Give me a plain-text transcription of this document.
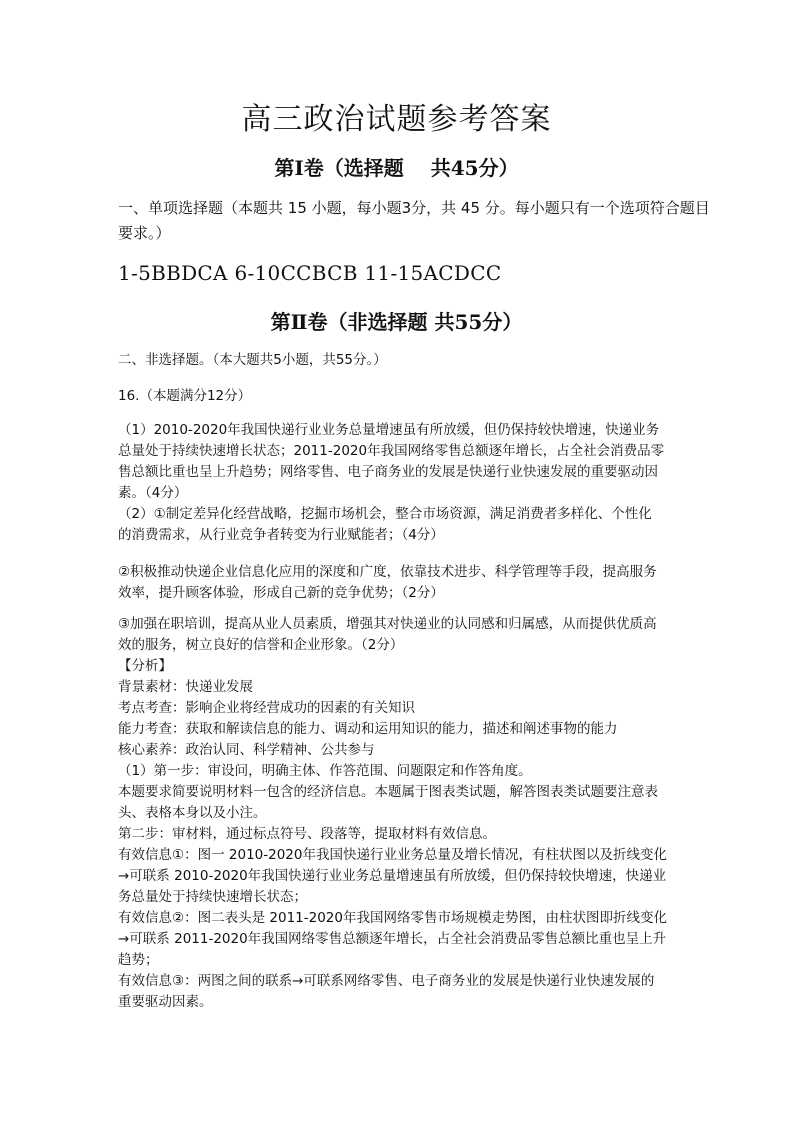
高三政治试题参考答案
第Ⅰ卷（选择题　 共45分）
一、单项选择题（本题共 15 小题，每小题3分，共 45 分。每小题只有一个选项符合题目要求。）
1-5BBDCA 6-10CCBCB 11-15ACDCC
第Ⅱ卷（非选择题 共55分）
二、非选择题。（本大题共5小题，共55分。）
16.（本题满分12分）
（1）2010-2020年我国快递行业业务总量增速虽有所放缓，但仍保持较快增速，快递业务
总量处于持续快速增长状态；2011-2020年我国网络零售总额逐年增长，占全社会消费品零
售总额比重也呈上升趋势；网络零售、电子商务业的发展是快递行业快速发展的重要驱动因
素。（4分）
（2）①制定差异化经营战略，挖掘市场机会，整合市场资源，满足消费者多样化、个性化
的消费需求，从行业竞争者转变为行业赋能者；（4分）
②积极推动快递企业信息化应用的深度和广度，依靠技术进步、科学管理等手段，提高服务
效率，提升顾客体验，形成自己新的竞争优势；（2分）
③加强在职培训，提高从业人员素质，增强其对快递业的认同感和归属感，从而提供优质高
效的服务，树立良好的信誉和企业形象。（2分）
【分析】
背景素材：快递业发展
考点考查：影响企业将经营成功的因素的有关知识
能力考查：获取和解读信息的能力、调动和运用知识的能力，描述和阐述事物的能力
核心素养：政治认同、科学精神、公共参与
（1）第一步：审设问，明确主体、作答范围、问题限定和作答角度。
本题要求简要说明材料一包含的经济信息。本题属于图表类试题，解答图表类试题要注意表
头、表格本身以及小注。
第二步：审材料，通过标点符号、段落等，提取材料有效信息。
有效信息①：图一 2010-2020年我国快递行业业务总量及增长情况，有柱状图以及折线变化
→可联系 2010-2020年我国快递行业业务总量增速虽有所放缓，但仍保持较快增速，快递业
务总量处于持续快速增长状态；
有效信息②：图二表头是 2011-2020年我国网络零售市场规模走势图，由柱状图即折线变化
→可联系 2011-2020年我国网络零售总额逐年增长，占全社会消费品零售总额比重也呈上升
趋势；
有效信息③：两图之间的联系→可联系网络零售、电子商务业的发展是快递行业快速发展的
重要驱动因素。
